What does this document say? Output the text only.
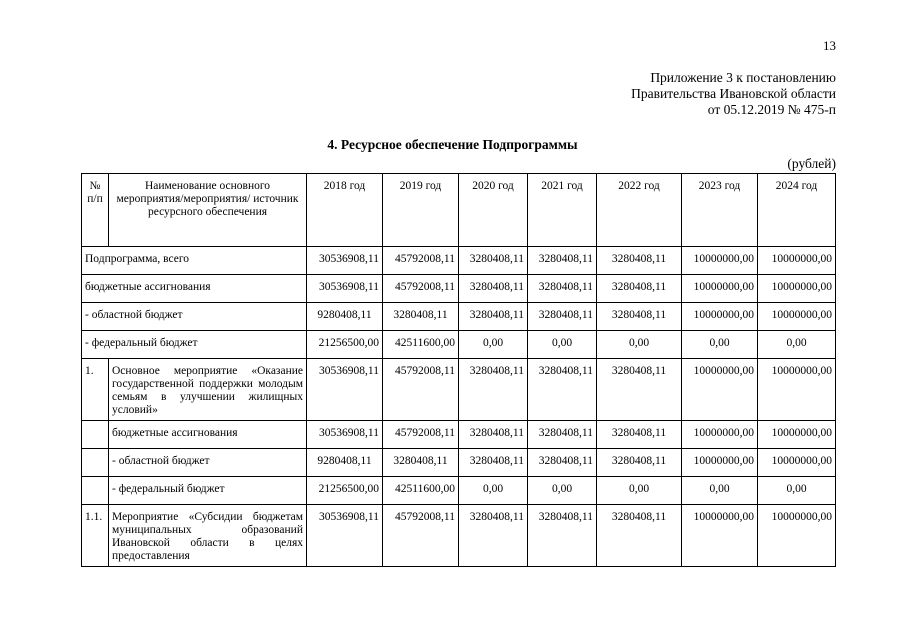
13
Приложение 3 к постановлению
Правительства Ивановской области
от 05.12.2019 № 475-п
4. Ресурсное обеспечение Подпрограммы
(рублей)
№ п/п	Наименование основного мероприятия/мероприятия/ источник ресурсного обеспечения	2018 год	2019 год	2020 год	2021 год	2022 год	2023 год	2024 год
Подпрограмма, всего		30536908,11	45792008,11	3280408,11	3280408,11	3280408,11	10000000,00	10000000,00
бюджетные ассигнования		30536908,11	45792008,11	3280408,11	3280408,11	3280408,11	10000000,00	10000000,00
- областной бюджет		9280408,11	3280408,11	3280408,11	3280408,11	3280408,11	10000000,00	10000000,00
- федеральный бюджет		21256500,00	42511600,00	0,00	0,00	0,00	0,00	0,00
1.	Основное мероприятие «Оказание государственной поддержки молодым семьям в улучшении жилищных условий»	30536908,11	45792008,11	3280408,11	3280408,11	3280408,11	10000000,00	10000000,00
	бюджетные ассигнования	30536908,11	45792008,11	3280408,11	3280408,11	3280408,11	10000000,00	10000000,00
	- областной бюджет	9280408,11	3280408,11	3280408,11	3280408,11	3280408,11	10000000,00	10000000,00
	- федеральный бюджет	21256500,00	42511600,00	0,00	0,00	0,00	0,00	0,00
1.1.	Мероприятие «Субсидии бюджетам муниципальных образований Ивановской области в целях предоставления	30536908,11	45792008,11	3280408,11	3280408,11	3280408,11	10000000,00	10000000,00
